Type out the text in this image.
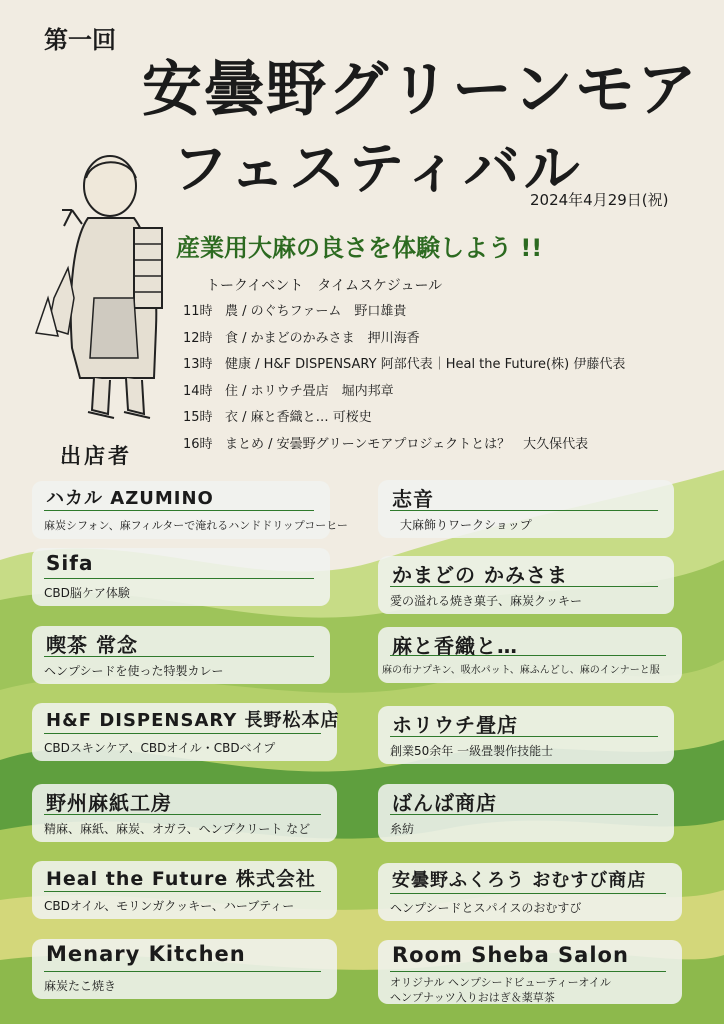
第一回
安曇野グリーンモア
フェスティバル
2024年4月29日(祝)
産業用大麻の良さを体験しよう !!
トークイベント　タイムスケジュール
11時 農 / のぐちファーム　野口雄貴
12時 食 / かまどのかみさま　押川海香
13時 健康 / H&F DISPENSARY 阿部代表｜Heal the Future(株) 伊藤代表
14時 住 / ホリウチ畳店　堀内邦章
15時 衣 / 麻と香織と… 可桜史
16時 まとめ / 安曇野グリーンモアプロジェクトとは？　大久保代表
出店者
ハカル AZUMINO
麻炭シフォン、麻フィルターで淹れるハンドドリップコーヒー
Sifa
CBD脳ケア体験
喫茶 常念
ヘンプシードを使った特製カレー
H&F DISPENSARY 長野松本店
CBDスキンケア、CBDオイル・CBDベイプ
野州麻紙工房
精麻、麻紙、麻炭、オガラ、ヘンプクリート など
Heal the Future 株式会社
CBDオイル、モリンガクッキー、ハーブティー
Menary Kitchen
麻炭たこ焼き
志音
大麻飾りワークショップ
かまどの かみさま
愛の溢れる焼き菓子、麻炭クッキー
麻と香織と…
麻の布ナプキン、吸水パット、麻ふんどし、麻のインナーと服
ホリウチ畳店
創業50余年 一級畳製作技能士
ばんば商店
糸紡
安曇野ふくろう おむすび商店
ヘンプシードとスパイスのおむすび
Room Sheba Salon
オリジナル ヘンプシードビューティーオイル
ヘンプナッツ入りおはぎ＆薬草茶
